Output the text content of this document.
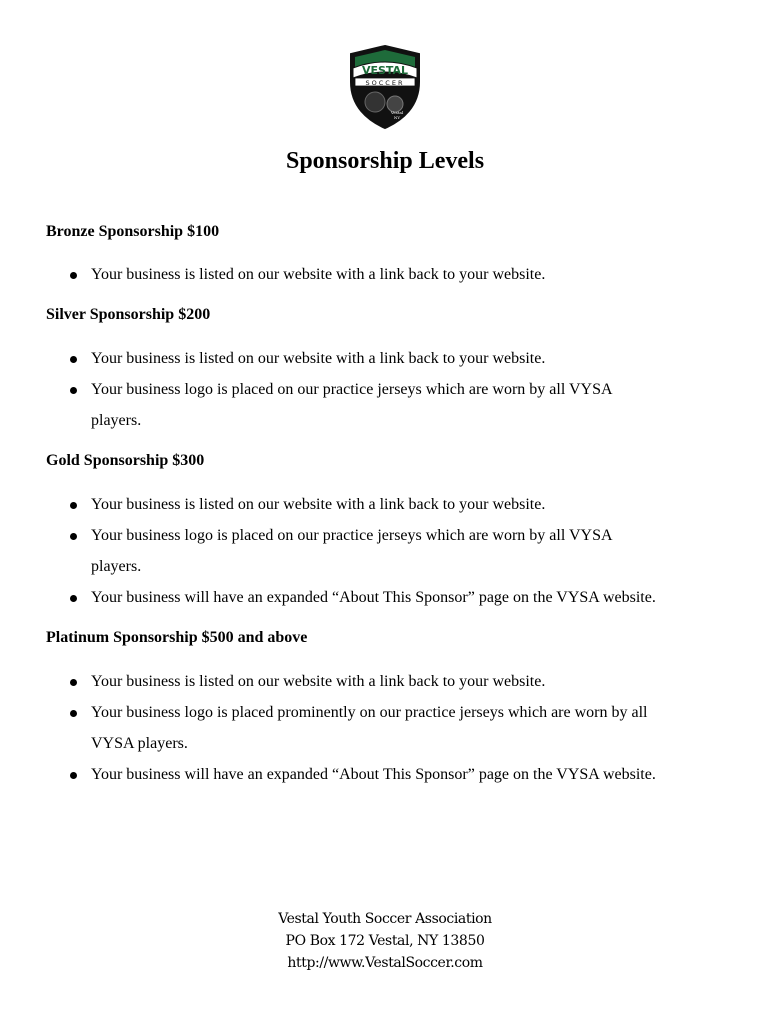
VESTAL
SOCCER
Vestal
NY
Sponsorship Levels

Bronze Sponsorship $100

Your business is listed on our website with a link back to your website.

Silver Sponsorship $200

Your business is listed on our website with a link back to your website.
Your business logo is placed on our practice jerseys which are worn by all VYSA
players.

Gold Sponsorship $300

Your business is listed on our website with a link back to your website.
Your business logo is placed on our practice jerseys which are worn by all VYSA
players.
Your business will have an expanded “About This Sponsor” page on the VYSA website.

Platinum Sponsorship $500 and above

Your business is listed on our website with a link back to your website.
Your business logo is placed prominently on our practice jerseys which are worn by all
VYSA players.
Your business will have an expanded “About This Sponsor” page on the VYSA website.
Vestal Youth Soccer Association
PO Box 172 Vestal, NY 13850
http://www.VestalSoccer.com
